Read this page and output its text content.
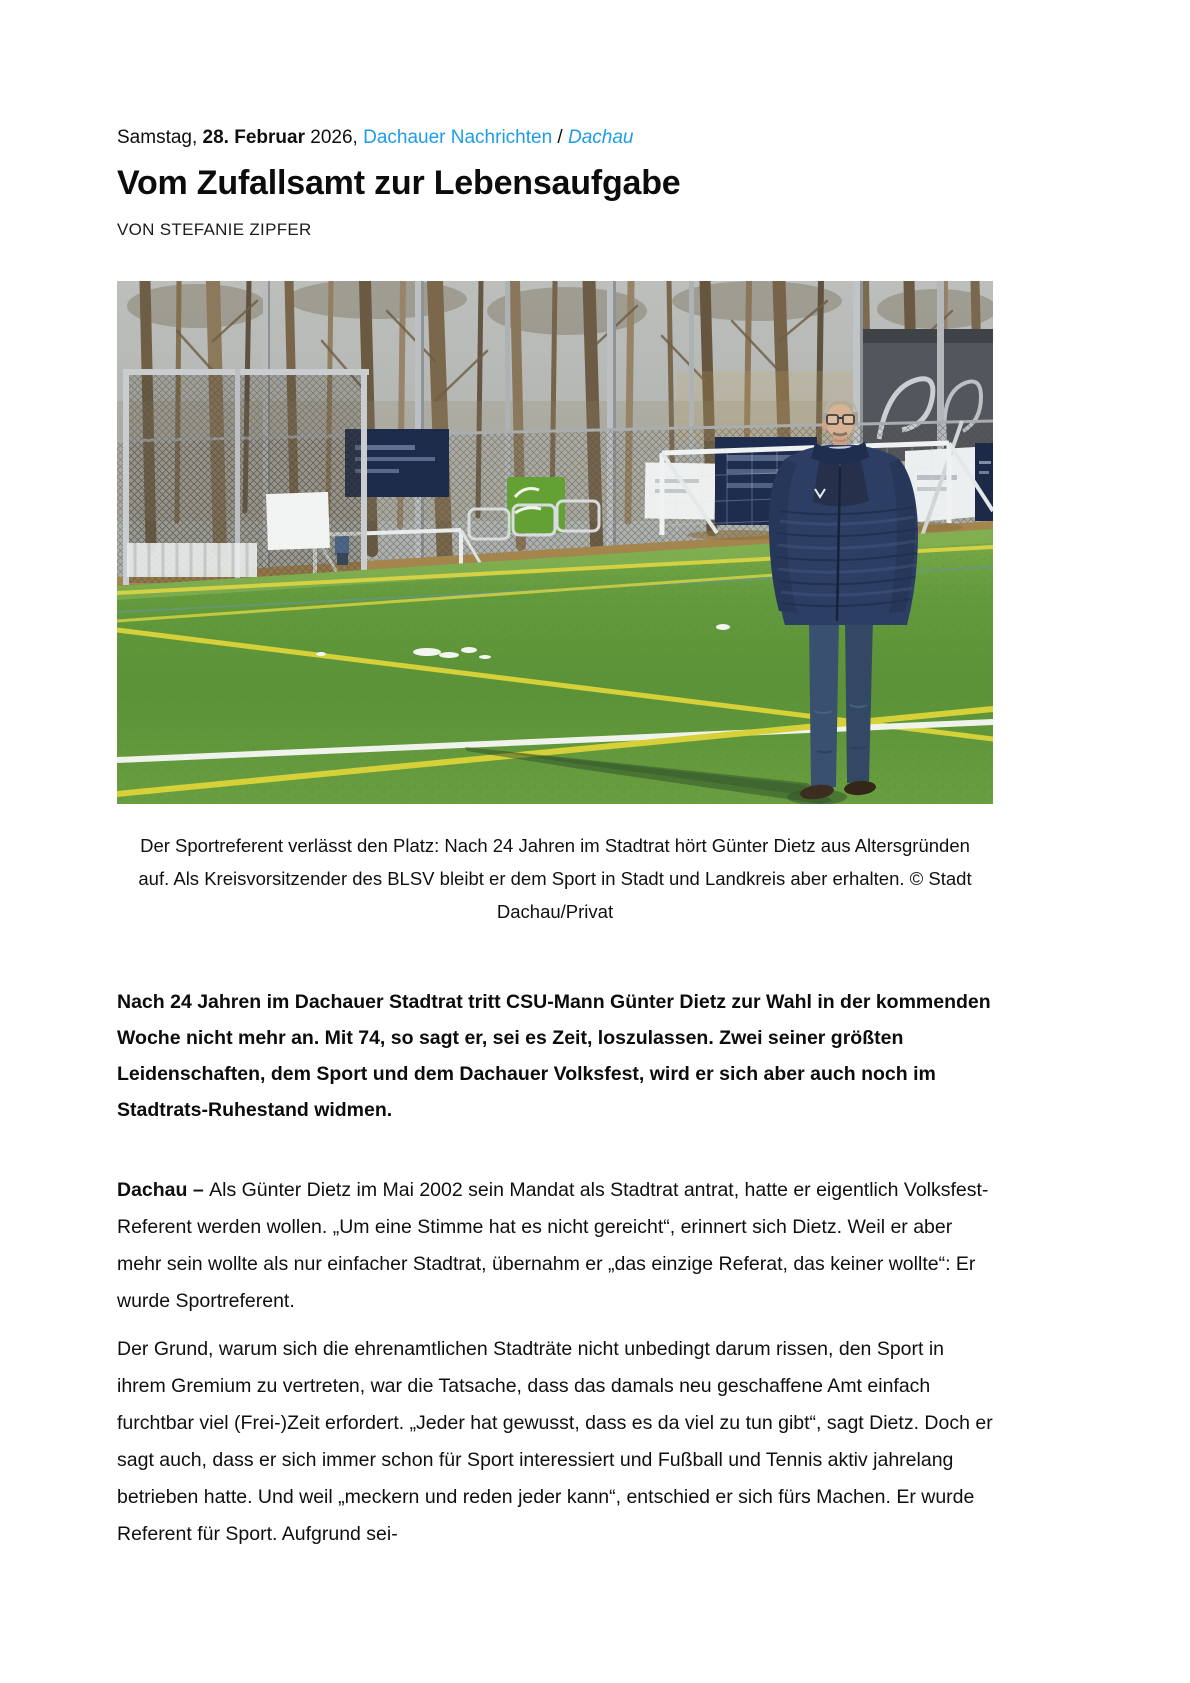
Samstag, 28. Februar 2026, Dachauer Nachrichten / Dachau
Vom Zufallsamt zur Lebensaufgabe
VON STEFANIE ZIPFER
Der Sportreferent verlässt den Platz: Nach 24 Jahren im Stadtrat hört Günter Dietz aus Altersgründen auf. Als Kreisvorsitzender des BLSV bleibt er dem Sport in Stadt und Landkreis aber erhalten. © Stadt Dachau/Privat

Nach 24 Jahren im Dachauer Stadtrat tritt CSU-Mann Günter Dietz zur Wahl in der kommenden Woche nicht mehr an. Mit 74, so sagt er, sei es Zeit, loszulassen. Zwei seiner größten Leidenschaften, dem Sport und dem Dachauer Volksfest, wird er sich aber auch noch im Stadtrats-Ruhestand widmen.

Dachau – Als Günter Dietz im Mai 2002 sein Mandat als Stadtrat antrat, hatte er eigentlich Volksfest-Referent werden wollen. „Um eine Stimme hat es nicht gereicht“, erinnert sich Dietz. Weil er aber mehr sein wollte als nur einfacher Stadtrat, übernahm er „das einzige Referat, das keiner wollte“: Er wurde Sportreferent.

Der Grund, warum sich die ehrenamtlichen Stadträte nicht unbedingt darum rissen, den Sport in ihrem Gremium zu vertreten, war die Tatsache, dass das damals neu geschaffene Amt einfach furchtbar viel (Frei-)Zeit erfordert. „Jeder hat gewusst, dass es da viel zu tun gibt“, sagt Dietz. Doch er sagt auch, dass er sich immer schon für Sport interessiert und Fußball und Tennis aktiv jahrelang betrieben hatte. Und weil „meckern und reden jeder kann“, entschied er sich fürs Machen. Er wurde Referent für Sport. Aufgrund sei-
